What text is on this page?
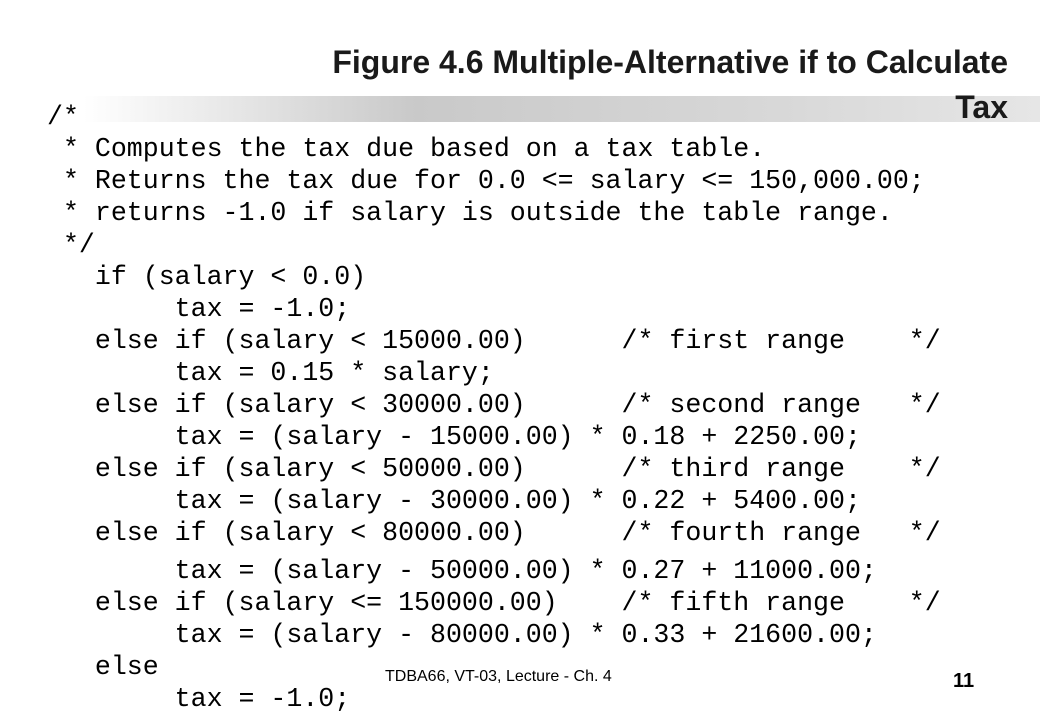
Figure 4.6 Multiple-Alternative if to Calculate
Tax
/*
* Computes the tax due based on a tax table.
* Returns the tax due for 0.0 <= salary <= 150,000.00;
* returns -1.0 if salary is outside the table range.
*/
if (salary < 0.0)
tax = -1.0;
else if (salary < 15000.00)      /* first range    */
tax = 0.15 * salary;
else if (salary < 30000.00)      /* second range   */
tax = (salary - 15000.00) * 0.18 + 2250.00;
else if (salary < 50000.00)      /* third range    */
tax = (salary - 30000.00) * 0.22 + 5400.00;
else if (salary < 80000.00)      /* fourth range   */
tax = (salary - 50000.00) * 0.27 + 11000.00;
else if (salary <= 150000.00)    /* fifth range    */
tax = (salary - 80000.00) * 0.33 + 21600.00;
else
tax = -1.0;
TDBA66, VT-03, Lecture - Ch. 4	11
